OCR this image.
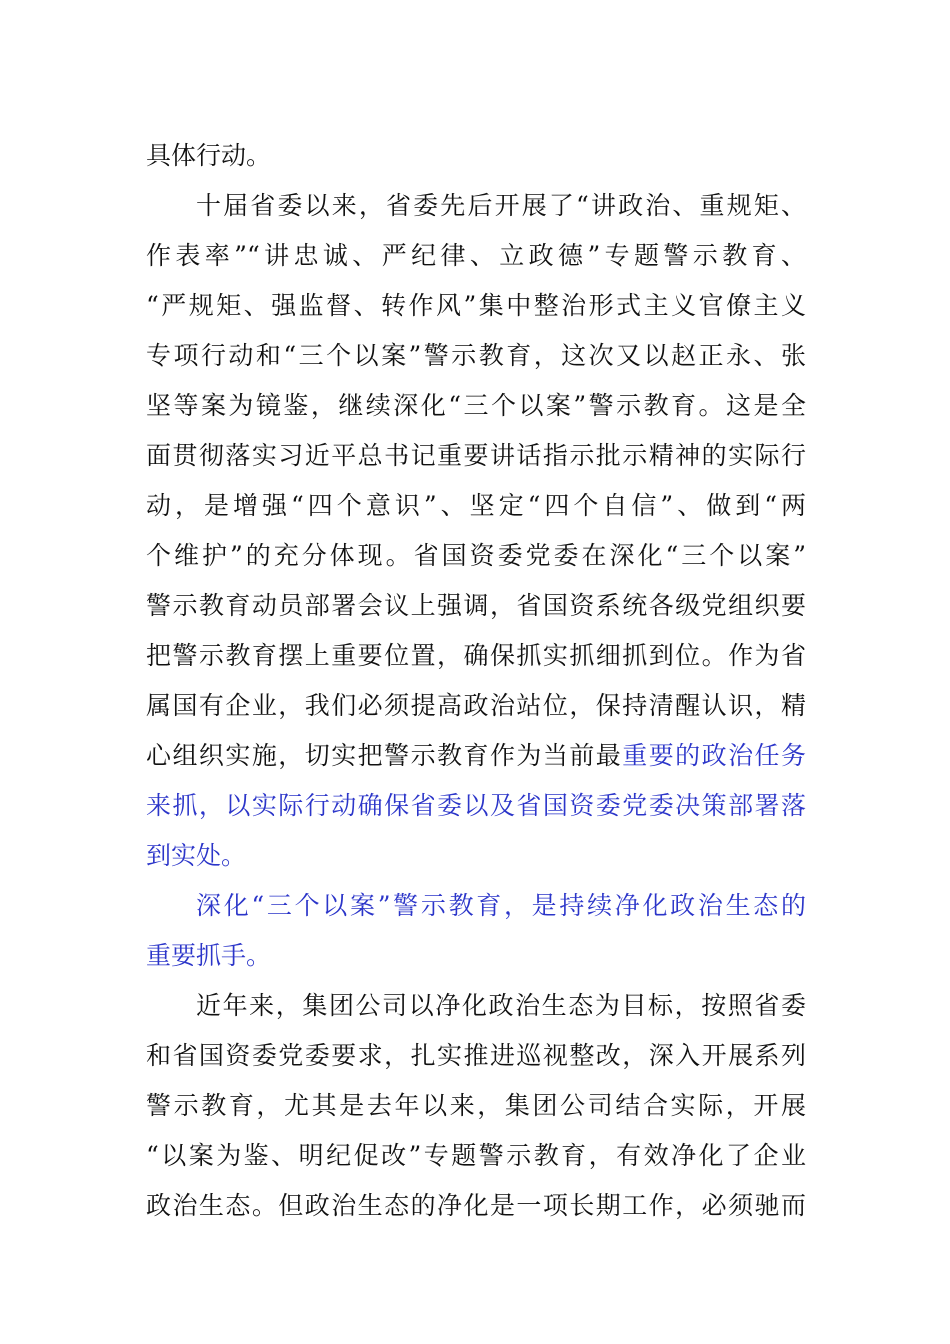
具体行动。
十届省委以来，省委先后开展了“讲政治、重规矩、
作表率”“讲忠诚、严纪律、立政德”专题警示教育、
“严规矩、强监督、转作风”集中整治形式主义官僚主义
专项行动和“三个以案”警示教育，这次又以赵正永、张
坚等案为镜鉴，继续深化“三个以案”警示教育。这是全
面贯彻落实习近平总书记重要讲话指示批示精神的实际行
动，是增强“四个意识”、坚定“四个自信”、做到“两
个维护”的充分体现。省国资委党委在深化“三个以案”
警示教育动员部署会议上强调，省国资系统各级党组织要
把警示教育摆上重要位置，确保抓实抓细抓到位。作为省
属国有企业，我们必须提高政治站位，保持清醒认识，精
心组织实施，切实把警示教育作为当前最重要的政治任务
来抓，以实际行动确保省委以及省国资委党委决策部署落
到实处。
深化“三个以案”警示教育，是持续净化政治生态的
重要抓手。
近年来，集团公司以净化政治生态为目标，按照省委
和省国资委党委要求，扎实推进巡视整改，深入开展系列
警示教育，尤其是去年以来，集团公司结合实际，开展
“以案为鉴、明纪促改”专题警示教育，有效净化了企业
政治生态。但政治生态的净化是一项长期工作，必须驰而
